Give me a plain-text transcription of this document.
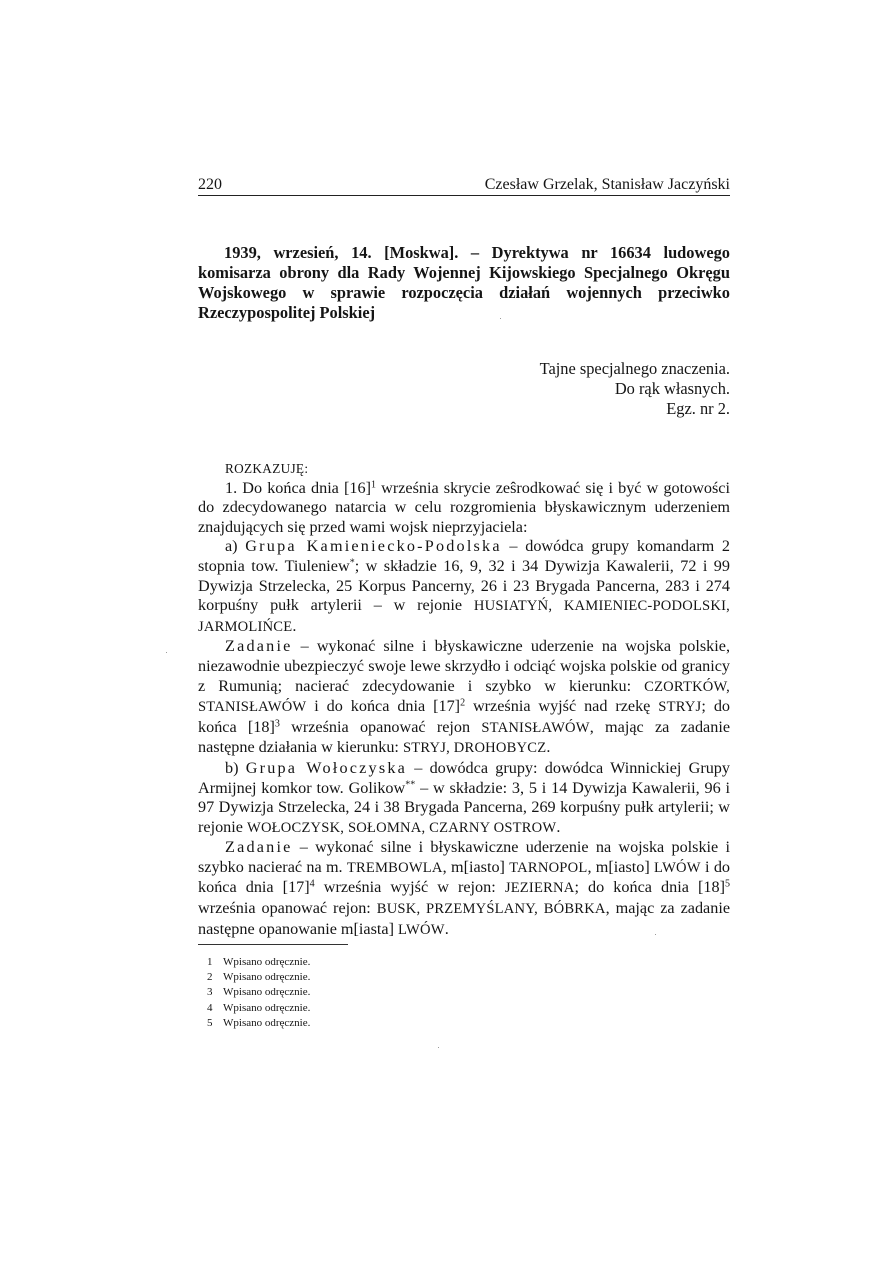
220	Czesław Grzelak, Stanisław Jaczyński

1939, wrzesień, 14. [Moskwa]. – Dyrektywa nr 16634 ludowego komisarza obrony dla Rady Wojennej Kijowskiego Specjalnego Okręgu Wojskowego w sprawie rozpoczęcia działań wojennych przeciwko Rzeczypospolitej Polskiej

Tajne specjalnego znaczenia.
Do rąk własnych.
Egz. nr 2.

ROZKAZUJĘ:

1. Do końca dnia $[16]^1$ września skrycie zeŝrodkować się i być w gotowości do zdecydowanego natarcia w celu rozgromienia błyskawicznym uderzeniem znajdujących się przed wami wojsk nieprzyjaciela:

a) Grupa Kamieniecko-Podolska – dowódca grupy komandarm 2 stopnia tow. Tiuleniew*; w składzie 16, 9, 32 i 34 Dywizja Kawalerii, 72 i 99 Dywizja Strzelecka, 25 Korpus Pancerny, 26 i 23 Brygada Pancerna, 283 i 274 korpuśny pułk artylerii – w rejonie HUSIATYŃ, KAMIENIEC-PODOLSKI, JARMOLIŃCE.

Zadanie – wykonać silne i błyskawiczne uderzenie na wojska polskie, niezawodnie ubezpieczyć swoje lewe skrzydło i odciąć wojska polskie od granicy z Rumunią; nacierać zdecydowanie i szybko w kierunku: CZORTKÓW, STANISŁAWÓW i do końca dnia $[17]^2$ września wyjść nad rzekę STRYJ; do końca $[18]^3$ września opanować rejon STANISŁAWÓW, mając za zadanie następne działania w kierunku: STRYJ, DROHOBYCZ.

b) Grupa Wołoczyska – dowódca grupy: dowódca Winnickiej Grupy Armijnej komkor tow. Golikow** – w składzie: 3, 5 i 14 Dywizja Kawalerii, 96 i 97 Dywizja Strzelecka, 24 i 38 Brygada Pancerna, 269 korpuśny pułk artylerii; w rejonie WOŁOCZYSK, SOŁOMNA, CZARNY OSTROW.

Zadanie – wykonać silne i błyskawiczne uderzenie na wojska polskie i szybko nacierać na m. TREMBOWLA, m[iasto] TARNOPOL, m[iasto] LWÓW i do końca dnia $[17]^4$ września wyjść w rejon: JEZIERNA; do końca dnia $[18]^5$ września opanować rejon: BUSK, PRZEMYŚLANY, BÓBRKA, mając za zadanie następne opanowanie m[iasta] LWÓW.

1 Wpisano odręcznie.
2 Wpisano odręcznie.
3 Wpisano odręcznie.
4 Wpisano odręcznie.
5 Wpisano odręcznie.
